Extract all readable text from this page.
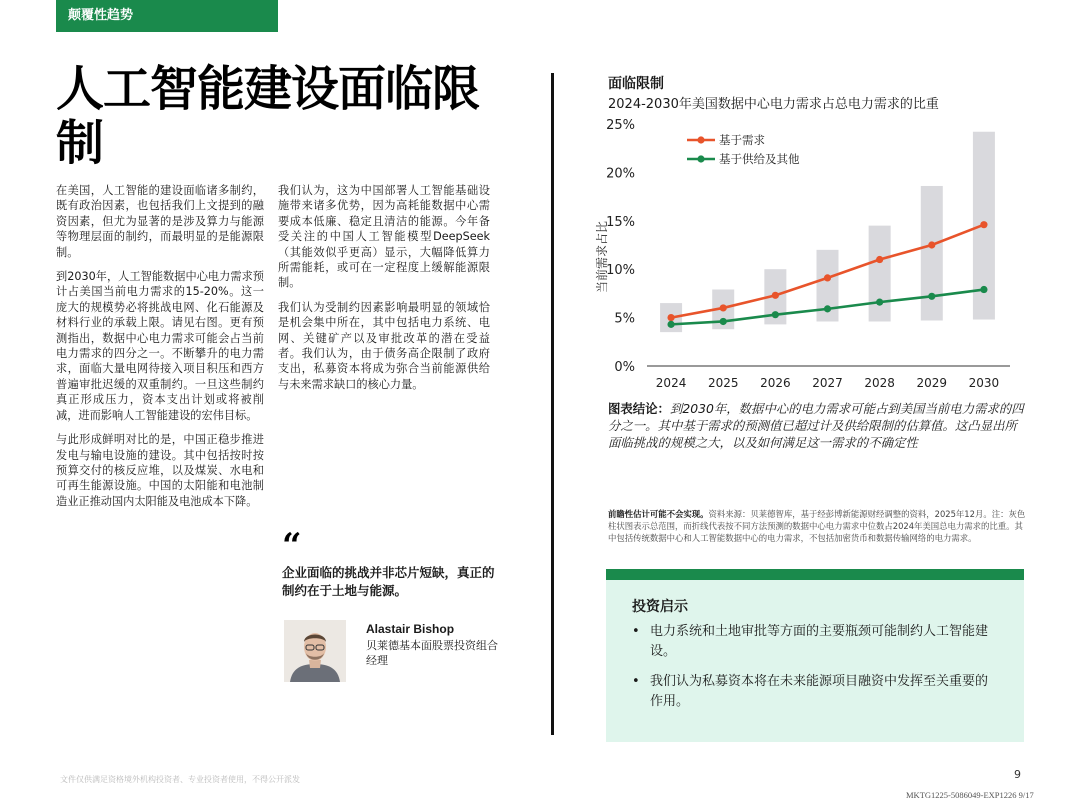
颠覆性趋势
人工智能建设面临限制

在美国，人工智能的建设面临诸多制约，既有政治因素，也包括我们上文提到的融资因素，但尤为显著的是涉及算力与能源等物理层面的制约，而最明显的是能源限制。

到2030年，人工智能数据中心电力需求预计占美国当前电力需求的15-20%。这一庞大的规模势必将挑战电网、化石能源及材料行业的承载上限。请见右图。更有预测指出，数据中心电力需求可能会占当前电力需求的四分之一。不断攀升的电力需求，面临大量电网待接入项目积压和西方普遍审批迟缓的双重制约。一旦这些制约真正形成压力，资本支出计划或将被削减，进而影响人工智能建设的宏伟目标。

与此形成鲜明对比的是，中国正稳步推进发电与输电设施的建设。其中包括按时按预算交付的核反应堆，以及煤炭、水电和可再生能源设施。中国的太阳能和电池制造业正推动国内太阳能及电池成本下降。

我们认为，这为中国部署人工智能基础设施带来诸多优势，因为高耗能数据中心需要成本低廉、稳定且清洁的能源。今年备受关注的中国人工智能模型DeepSeek（其能效似乎更高）显示，大幅降低算力所需能耗，或可在一定程度上缓解能源限制。

我们认为受制约因素影响最明显的领域恰是机会集中所在，其中包括电力系统、电网、关键矿产以及审批改革的潜在受益者。我们认为，由于债务高企限制了政府支出，私募资本将成为弥合当前能源供给与未来需求缺口的核心力量。

“
企业面临的挑战并非芯片短缺，真正的制约在于土地与能源。
Alastair Bishop
贝莱德基本面股票投资组合经理
面临限制
2024-2030年美国数据中心电力需求占总电力需求的比重
0%
5%
10%
15%
20%
25%
2024 2025 2026 2027 2028 2029 2030
当前需求占比
基于需求
基于供给及其他
图表结论：到2030年，数据中心的电力需求可能占到美国当前电力需求的四分之一。其中基于需求的预测值已超过计及供给限制的估算值。这凸显出所面临挑战的规模之大，以及如何满足这一需求的不确定性
前瞻性估计可能不会实现。资料来源：贝莱德智库，基于经彭博新能源财经调整的资料，2025年12月。注：灰色柱状图表示总范围，而折线代表按不同方法预测的数据中心电力需求中位数占2024年美国总电力需求的比重。其中包括传统数据中心和人工智能数据中心的电力需求，不包括加密货币和数据传输网络的电力需求。
投资启示
• 电力系统和土地审批等方面的主要瓶颈可能制约人工智能建设。
• 我们认为私募资本将在未来能源项目融资中发挥至关重要的作用。
文件仅供满足资格境外机构投资者、专业投资者使用，不得公开派发	9
MKTG1225-5086049-EXP1226 9/17
